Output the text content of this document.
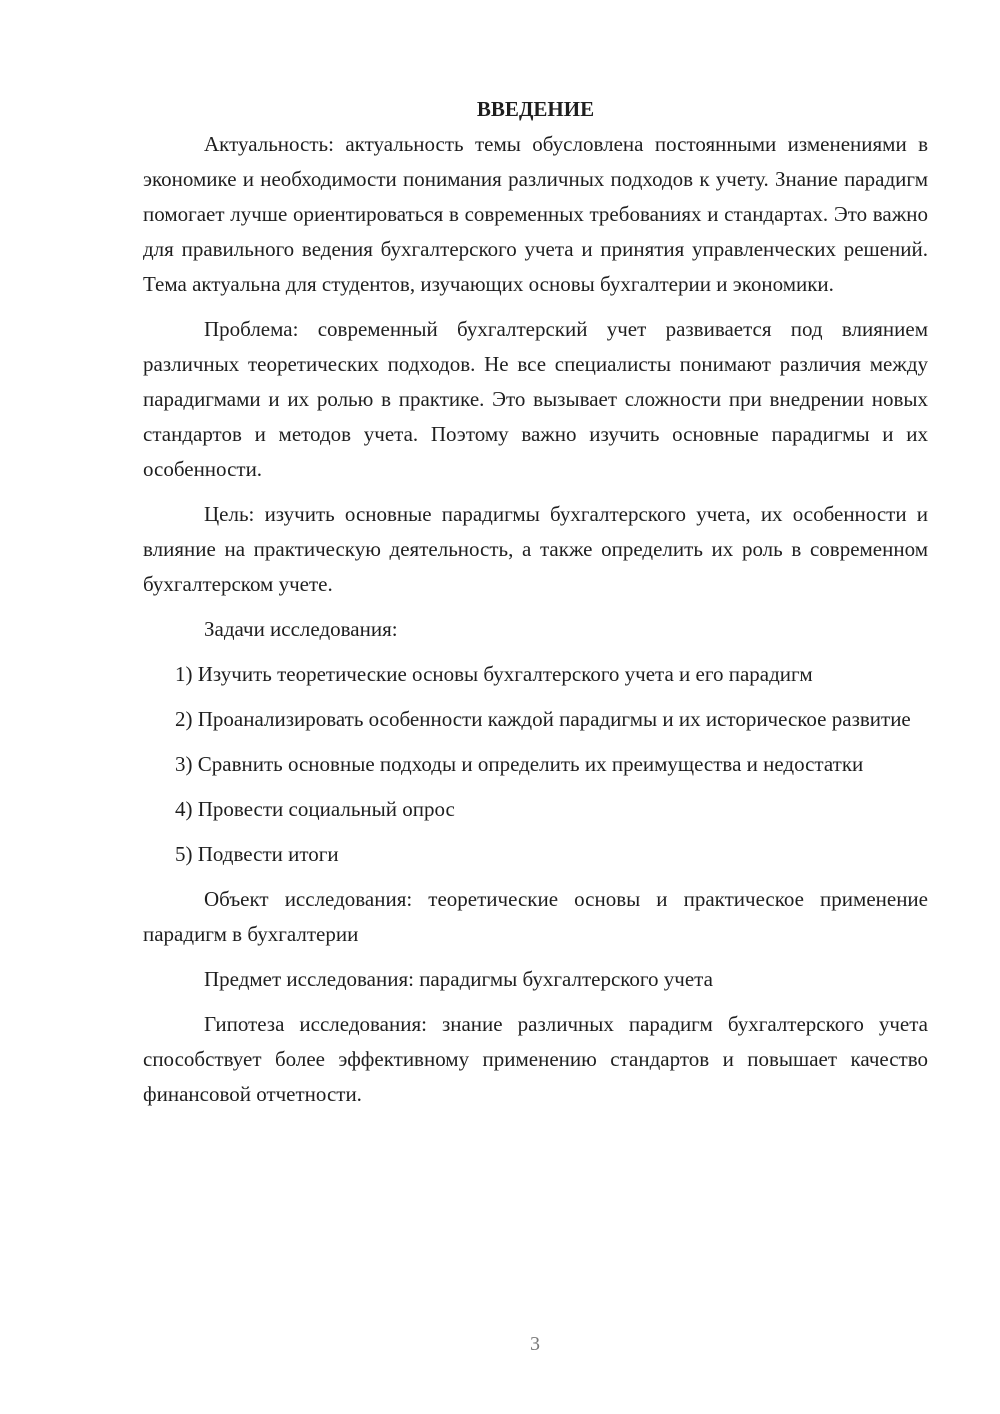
ВВЕДЕНИЕ

Актуальность: актуальность темы обусловлена постоянными изменениями в экономике и необходимости понимания различных подходов к учету. Знание парадигм помогает лучше ориентироваться в современных требованиях и стандартах. Это важно для правильного ведения бухгалтерского учета и принятия управленческих решений. Тема актуальна для студентов, изучающих основы бухгалтерии и экономики.

Проблема: современный бухгалтерский учет развивается под влиянием различных теоретических подходов. Не все специалисты понимают различия между парадигмами и их ролью в практике. Это вызывает сложности при внедрении новых стандартов и методов учета. Поэтому важно изучить основные парадигмы и их особенности.

Цель: изучить основные парадигмы бухгалтерского учета, их особенности и влияние на практическую деятельность, а также определить их роль в современном бухгалтерском учете.

Задачи исследования:

1) Изучить теоретические основы бухгалтерского учета и его парадигм

2) Проанализировать особенности каждой парадигмы и их историческое развитие

3) Сравнить основные подходы и определить их преимущества и недостатки

4) Провести социальный опрос

5) Подвести итоги

Объект исследования: теоретические основы и практическое применение парадигм в бухгалтерии

Предмет исследования: парадигмы бухгалтерского учета

Гипотеза исследования: знание различных парадигм бухгалтерского учета способствует более эффективному применению стандартов и повышает качество финансовой отчетности.

3
